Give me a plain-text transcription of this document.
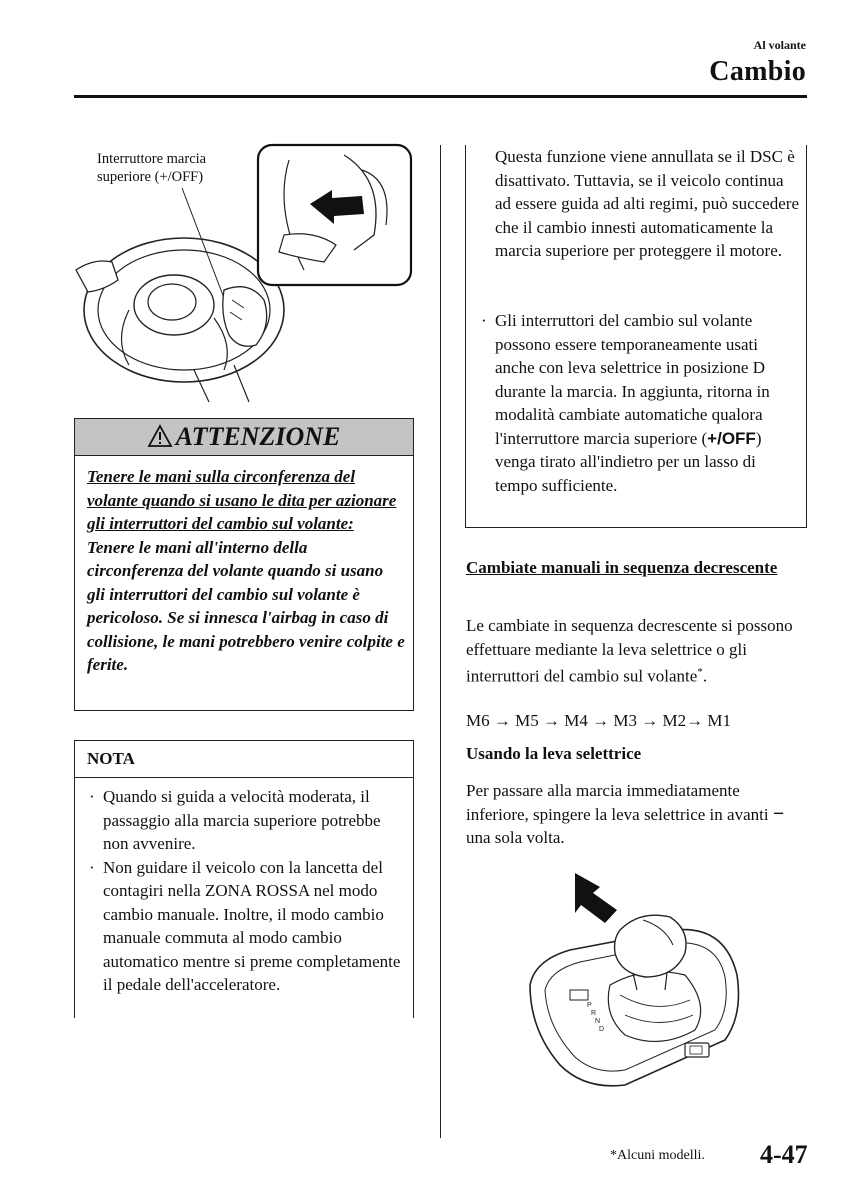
Al volante
Cambio
Interruttore marcia superiore (+/OFF)
ATTENZIONE
Tenere le mani sulla circonferenza del volante quando si usano le dita per azionare gli interruttori del cambio sul volante:
Tenere le mani all'interno della circonferenza del volante quando si usano gli interruttori del cambio sul volante è pericoloso. Se si innesca l'airbag in caso di collisione, le mani potrebbero venire colpite e ferite.
NOTA
· Quando si guida a velocità moderata, il passaggio alla marcia superiore potrebbe non avvenire.
· Non guidare il veicolo con la lancetta del contagiri nella ZONA ROSSA nel modo cambio manuale. Inoltre, il modo cambio manuale commuta al modo cambio automatico mentre si preme completamente il pedale dell'acceleratore.
Questa funzione viene annullata se il DSC è disattivato. Tuttavia, se il veicolo continua ad essere guida ad alti regimi, può succedere che il cambio innesti automaticamente la marcia superiore per proteggere il motore.
· Gli interruttori del cambio sul volante possono essere temporaneamente usati anche con leva selettrice in posizione D durante la marcia. In aggiunta, ritorna in modalità cambiate automatiche qualora l'interruttore marcia superiore (+/OFF) venga tirato all'indietro per un lasso di tempo sufficiente.
Cambiate manuali in sequenza decrescente
Le cambiate in sequenza decrescente si possono effettuare mediante la leva selettrice o gli interruttori del cambio sul volante*.
M6 → M5 → M4 → M3 → M2→ M1
Usando la leva selettrice
Per passare alla marcia immediatamente inferiore, spingere la leva selettrice in avanti − una sola volta.
P
R
N
D
*Alcuni modelli. 4-47
